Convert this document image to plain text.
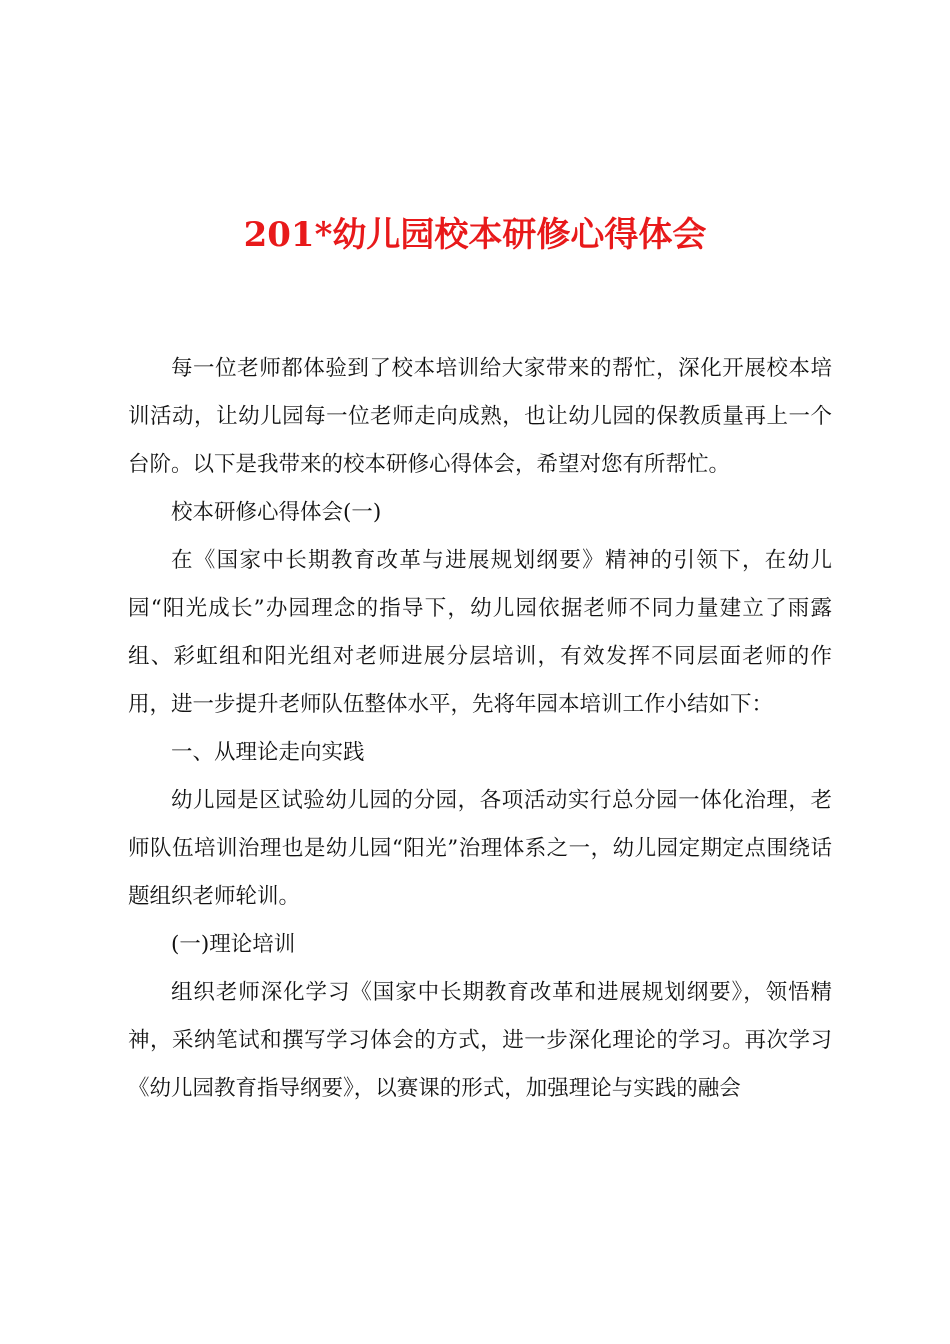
201*幼儿园校本研修心得体会

每一位老师都体验到了校本培训给大家带来的帮忙，深化开展校本培训活动，让幼儿园每一位老师走向成熟，也让幼儿园的保教质量再上一个台阶。以下是我带来的校本研修心得体会，希望对您有所帮忙。

校本研修心得体会(一)

在《国家中长期教育改革与进展规划纲要》精神的引领下，在幼儿园“阳光成长”办园理念的指导下，幼儿园依据老师不同力量建立了雨露组、彩虹组和阳光组对老师进展分层培训，有效发挥不同层面老师的作用，进一步提升老师队伍整体水平，先将年园本培训工作小结如下：

一、从理论走向实践

幼儿园是区试验幼儿园的分园，各项活动实行总分园一体化治理，老师队伍培训治理也是幼儿园“阳光”治理体系之一，幼儿园定期定点围绕话题组织老师轮训。

(一)理论培训

组织老师深化学习《国家中长期教育改革和进展规划纲要》，领悟精神，采纳笔试和撰写学习体会的方式，进一步深化理论的学习。再次学习《幼儿园教育指导纲要》，以赛课的形式，加强理论与实践的融会
